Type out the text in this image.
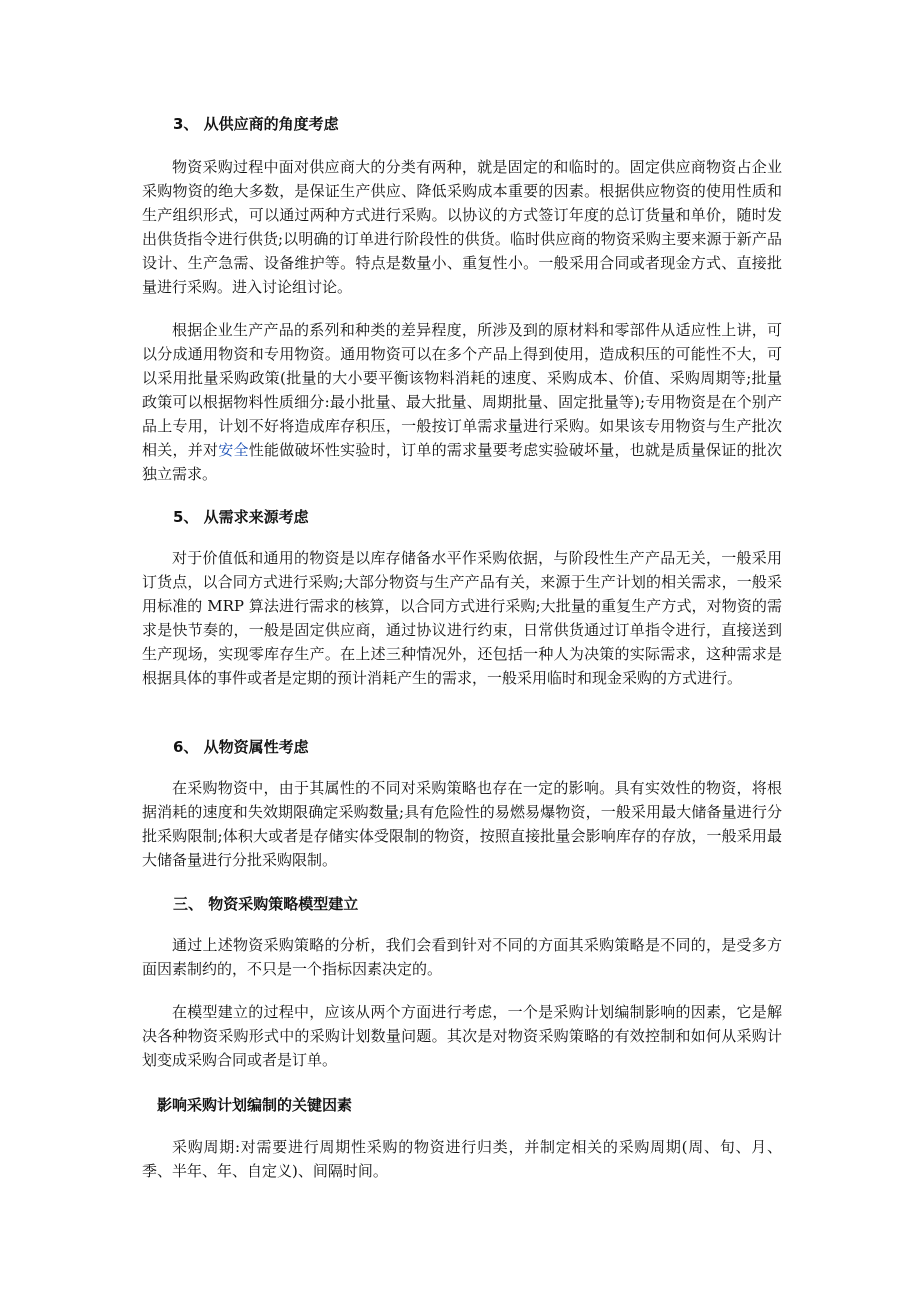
3、 从供应商的角度考虑
物资采购过程中面对供应商大的分类有两种，就是固定的和临时的。固定供应商物资占企业采购物资的绝大多数，是保证生产供应、降低采购成本重要的因素。根据供应物资的使用性质和生产组织形式，可以通过两种方式进行采购。以协议的方式签订年度的总订货量和单价，随时发出供货指令进行供货;以明确的订单进行阶段性的供货。临时供应商的物资采购主要来源于新产品设计、生产急需、设备维护等。特点是数量小、重复性小。一般采用合同或者现金方式、直接批量进行采购。进入讨论组讨论。
根据企业生产产品的系列和种类的差异程度，所涉及到的原材料和零部件从适应性上讲，可以分成通用物资和专用物资。通用物资可以在多个产品上得到使用，造成积压的可能性不大，可以采用批量采购政策(批量的大小要平衡该物料消耗的速度、采购成本、价值、采购周期等;批量政策可以根据物料性质细分:最小批量、最大批量、周期批量、固定批量等);专用物资是在个别产品上专用，计划不好将造成库存积压，一般按订单需求量进行采购。如果该专用物资与生产批次相关，并对安全性能做破坏性实验时，订单的需求量要考虑实验破坏量，也就是质量保证的批次独立需求。
5、 从需求来源考虑
对于价值低和通用的物资是以库存储备水平作采购依据，与阶段性生产产品无关，一般采用订货点，以合同方式进行采购;大部分物资与生产产品有关，来源于生产计划的相关需求，一般采用标准的 MRP 算法进行需求的核算，以合同方式进行采购;大批量的重复生产方式，对物资的需求是快节奏的，一般是固定供应商，通过协议进行约束，日常供货通过订单指令进行，直接送到生产现场，实现零库存生产。在上述三种情况外，还包括一种人为决策的实际需求，这种需求是根据具体的事件或者是定期的预计消耗产生的需求，一般采用临时和现金采购的方式进行。
6、 从物资属性考虑
在采购物资中，由于其属性的不同对采购策略也存在一定的影响。具有实效性的物资，将根据消耗的速度和失效期限确定采购数量;具有危险性的易燃易爆物资，一般采用最大储备量进行分批采购限制;体积大或者是存储实体受限制的物资，按照直接批量会影响库存的存放，一般采用最大储备量进行分批采购限制。
三、 物资采购策略模型建立
通过上述物资采购策略的分析，我们会看到针对不同的方面其采购策略是不同的，是受多方面因素制约的，不只是一个指标因素决定的。
在模型建立的过程中，应该从两个方面进行考虑，一个是采购计划编制影响的因素，它是解决各种物资采购形式中的采购计划数量问题。其次是对物资采购策略的有效控制和如何从采购计划变成采购合同或者是订单。
影响采购计划编制的关键因素
采购周期:对需要进行周期性采购的物资进行归类，并制定相关的采购周期(周、旬、月、季、半年、年、自定义)、间隔时间。
